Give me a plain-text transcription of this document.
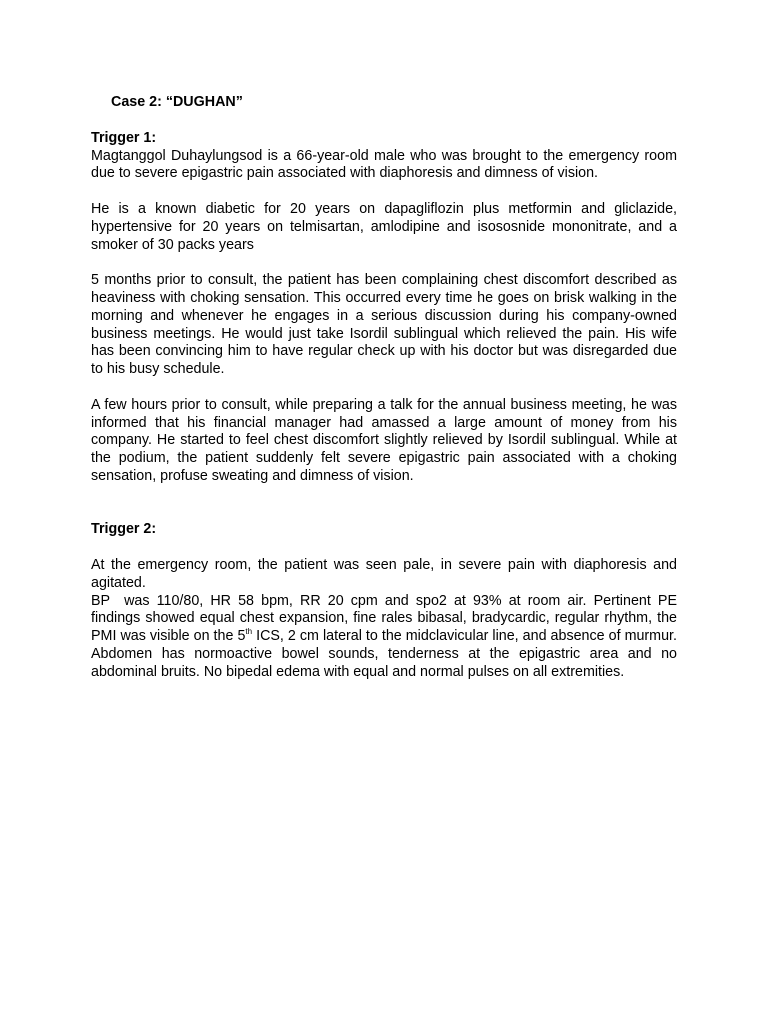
Case 2: “DUGHAN”
Trigger 1:

Magtanggol Duhaylungsod is a 66-year-old male who was brought to the emergency room due to severe epigastric pain associated with diaphoresis and dimness of vision.

He is a known diabetic for 20 years on dapagliflozin plus metformin and gliclazide, hypertensive for 20 years on telmisartan, amlodipine and isososnide mononitrate, and a smoker of 30 packs years

5 months prior to consult, the patient has been complaining chest discomfort described as heaviness with choking sensation. This occurred every time he goes on brisk walking in the morning and whenever he engages in a serious discussion during his company-owned business meetings. He would just take Isordil sublingual which relieved the pain. His wife has been convincing him to have regular check up with his doctor but was disregarded due to his busy schedule.

A few hours prior to consult, while preparing a talk for the annual business meeting, he was informed that his financial manager had amassed a large amount of money from his company. He started to feel chest discomfort slightly relieved by Isordil sublingual. While at the podium, the patient suddenly felt severe epigastric pain associated with a choking sensation, profuse sweating and dimness of vision.

Trigger 2:

At the emergency room, the patient was seen pale, in severe pain with diaphoresis and agitated.

BP was 110/80, HR 58 bpm, RR 20 cpm and spo2 at 93% at room air. Pertinent PE findings showed equal chest expansion, fine rales bibasal, bradycardic, regular rhythm, the PMI was visible on the 5th ICS, 2 cm lateral to the midclavicular line, and absence of murmur. Abdomen has normoactive bowel sounds, tenderness at the epigastric area and no abdominal bruits. No bipedal edema with equal and normal pulses on all extremities.
